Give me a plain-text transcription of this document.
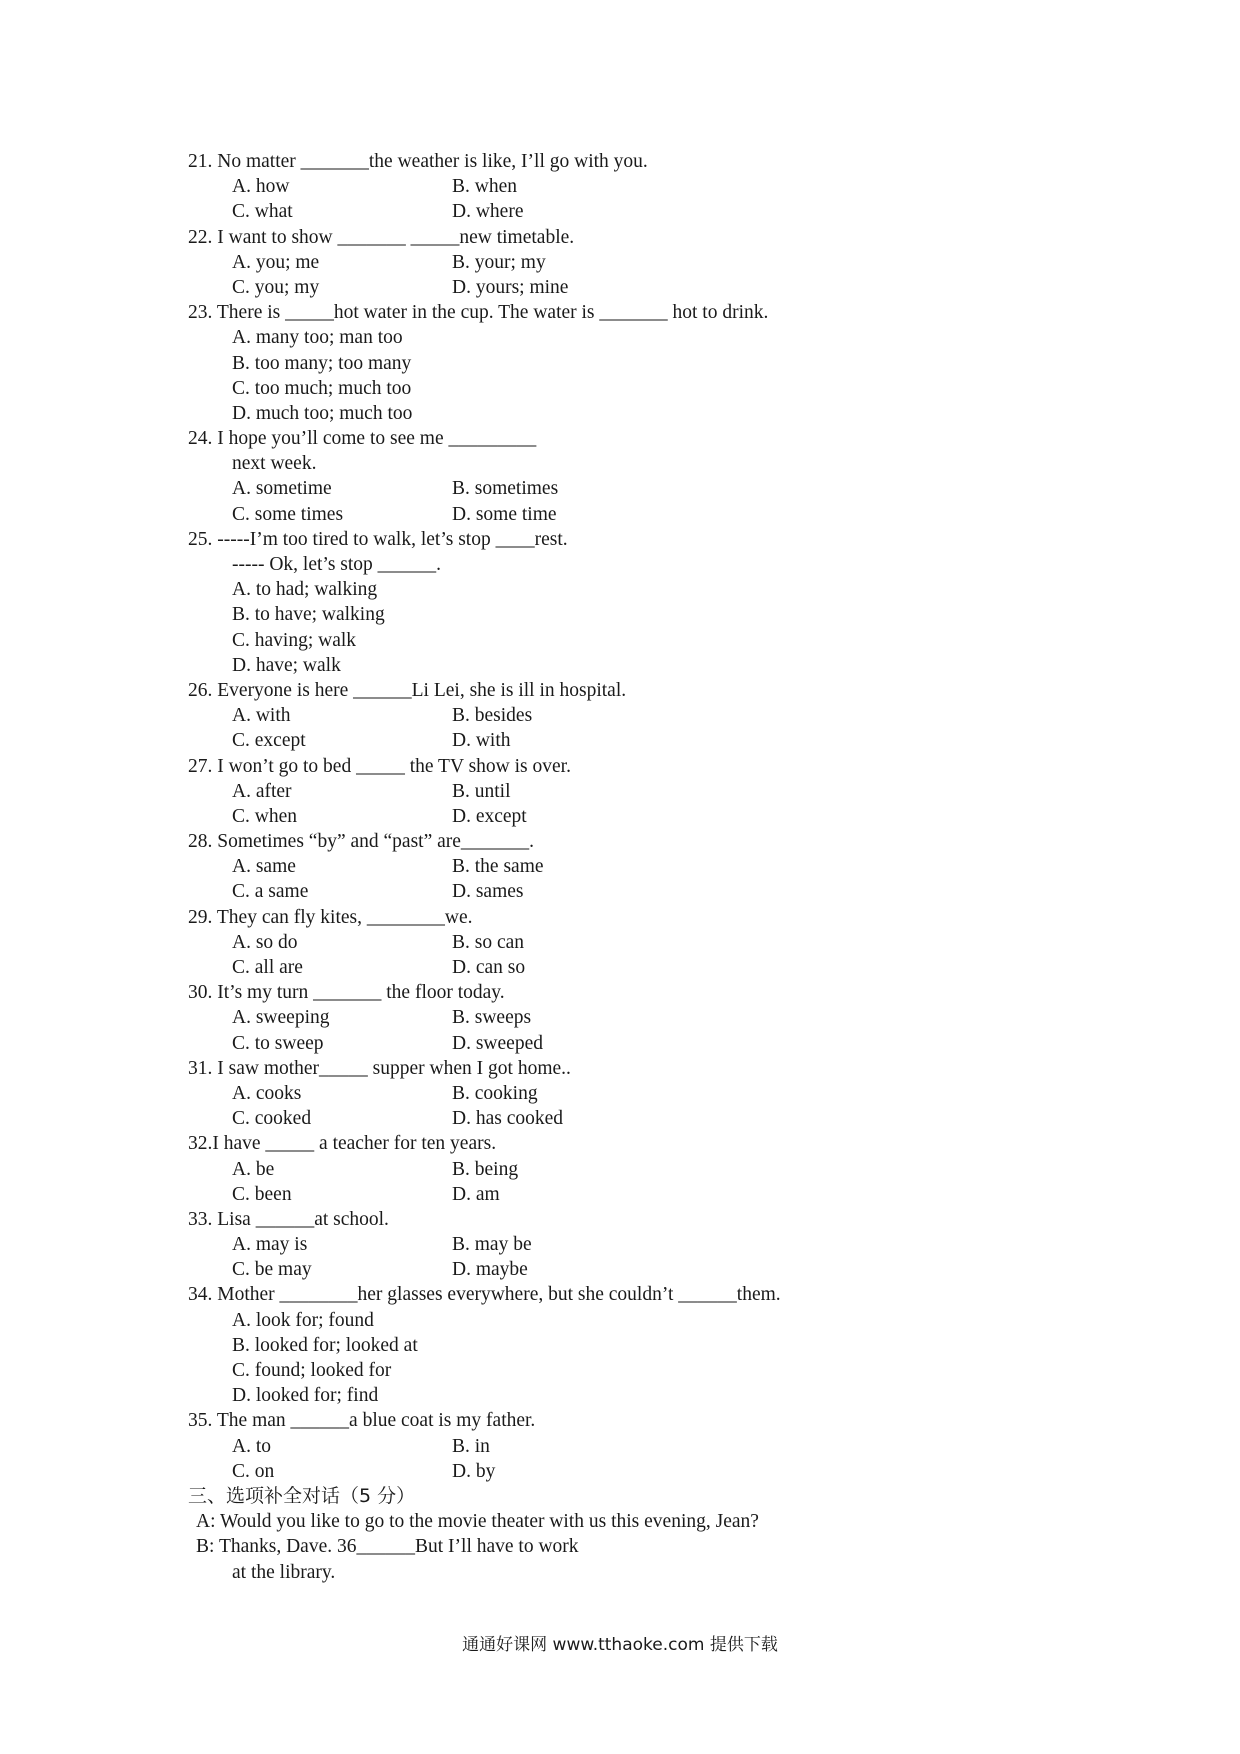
21. No matter _______the weather is like, I’ll go with you.
A. how	B. when
C. what	D. where
22. I want to show _______ _____new timetable.
A. you; me	B. your; my
C. you; my	D. yours; mine
23. There is _____hot water in the cup. The water is _______ hot to drink.
A. many too; man too
B. too many; too many
C. too much; much too
D. much too; much too
24. I hope you’ll come to see me _________
next week.
A. sometime	B. sometimes
C. some times	D. some time
25. -----I’m too tired to walk, let’s stop ____rest.
----- Ok, let’s stop ______.
A. to had; walking
B. to have; walking
C. having; walk
D. have; walk
26. Everyone is here ______Li Lei, she is ill in hospital.
A. with	B. besides
C. except	D. with
27. I won’t go to bed _____ the TV show is over.
A. after	B. until
C. when	D. except
28. Sometimes “by” and “past” are_______.
A. same	B. the same
C. a same	D. sames
29. They can fly kites, ________we.
A. so do	B. so can
C. all are	D. can so
30. It’s my turn _______ the floor today.
A. sweeping	B. sweeps
C. to sweep	D. sweeped
31. I saw mother_____ supper when I got home..
A. cooks	B. cooking
C. cooked	D. has cooked
32.I have _____ a teacher for ten years.
A. be	B. being
C. been	D. am
33. Lisa ______at school.
A. may is	B. may be
C. be may	D. maybe
34. Mother ________her glasses everywhere, but she couldn’t ______them.
A. look for; found
B. looked for; looked at
C. found; looked for
D. looked for; find
35. The man ______a blue coat is my father.
A. to	B. in
C. on	D. by
三、选项补全对话（5 分）
A: Would you like to go to the movie theater with us this evening, Jean?
B: Thanks, Dave. 36______But I’ll have to work
at the library.
通通好课网 www.tthaoke.com 提供下载
